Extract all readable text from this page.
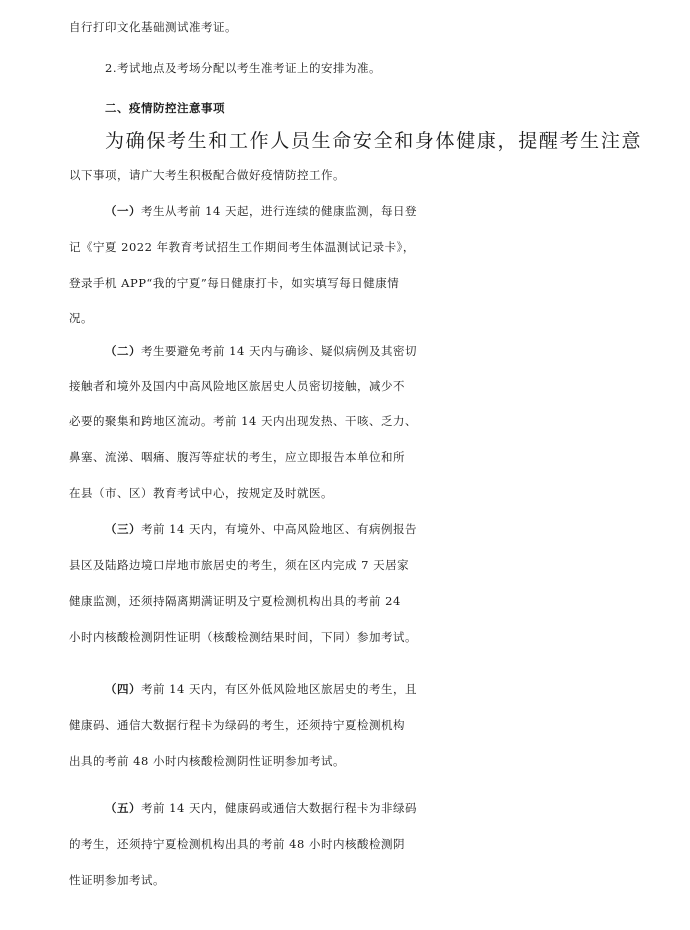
自行打印文化基础测试准考证。
2.考试地点及考场分配以考生准考证上的安排为准。
二、疫情防控注意事项
为确保考生和工作人员生命安全和身体健康，提醒考生注意
以下事项，请广大考生积极配合做好疫情防控工作。
（一）考生从考前 14 天起，进行连续的健康监测，每日登
记《宁夏 2022 年教育考试招生工作期间考生体温测试记录卡》，
登录手机 APP“我的宁夏”每日健康打卡，如实填写每日健康情
况。
（二）考生要避免考前 14 天内与确诊、疑似病例及其密切
接触者和境外及国内中高风险地区旅居史人员密切接触，减少不
必要的聚集和跨地区流动。考前 14 天内出现发热、干咳、乏力、
鼻塞、流涕、咽痛、腹泻等症状的考生，应立即报告本单位和所
在县（市、区）教育考试中心，按规定及时就医。
（三）考前 14 天内，有境外、中高风险地区、有病例报告
县区及陆路边境口岸地市旅居史的考生，须在区内完成 7 天居家
健康监测，还须持隔离期满证明及宁夏检测机构出具的考前 24
小时内核酸检测阴性证明（核酸检测结果时间，下同）参加考试。
（四）考前 14 天内，有区外低风险地区旅居史的考生，且
健康码、通信大数据行程卡为绿码的考生，还须持宁夏检测机构
出具的考前 48 小时内核酸检测阴性证明参加考试。
（五）考前 14 天内，健康码或通信大数据行程卡为非绿码
的考生，还须持宁夏检测机构出具的考前 48 小时内核酸检测阴
性证明参加考试。
